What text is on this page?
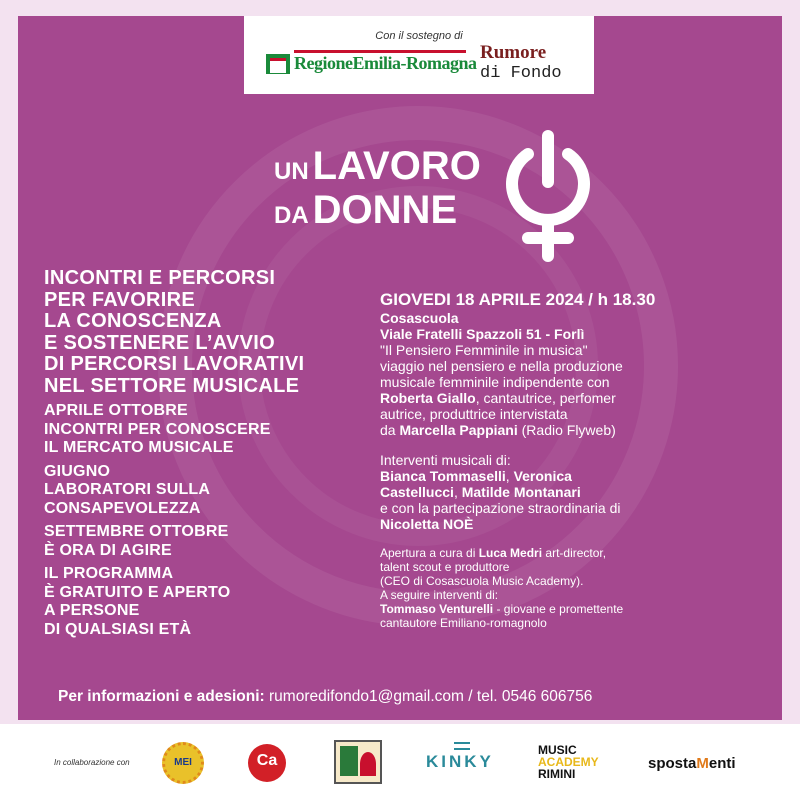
Con il sostegno di
RegioneEmilia-Romagna Rumore
di Fondo
UN LAVORO
DA DONNE
INCONTRI E PERCORSI
PER FAVORIRE
LA CONOSCENZA
E SOSTENERE L’AVVIO
DI PERCORSI LAVORATIVI
NEL SETTORE MUSICALE
APRILE OTTOBRE
INCONTRI PER CONOSCERE
IL MERCATO MUSICALE
GIUGNO
LABORATORI SULLA
CONSAPEVOLEZZA
SETTEMBRE OTTOBRE
È ORA DI AGIRE
IL PROGRAMMA
È GRATUITO E APERTO
A PERSONE
DI QUALSIASI ETÀ
GIOVEDI 18 APRILE 2024 / h 18.30
Cosascuola
Viale Fratelli Spazzoli 51 - Forlì
"Il Pensiero Femminile in musica"
viaggio nel pensiero e nella produzione
musicale femminile indipendente con
Roberta Giallo, cantautrice, perfomer
autrice, produttrice intervistata
da Marcella Pappiani (Radio Flyweb)
Interventi musicali di:
Bianca Tommaselli, Veronica
Castellucci, Matilde Montanari
e con la partecipazione straordinaria di
Nicoletta NOÈ
Apertura a cura di Luca Medri art-director,
talent scout e produttore
(CEO di Cosascuola Music Academy).
A seguire interventi di:
Tommaso Venturelli - giovane e promettente
cantautore Emiliano-romagnolo
Per informazioni e adesioni: rumoredifondo1@gmail.com / tel. 0546 606756
In collaborazione con	MEI	Ca	KINKY
MUSIC
ACADEMY
RIMINI
spostaMenti
